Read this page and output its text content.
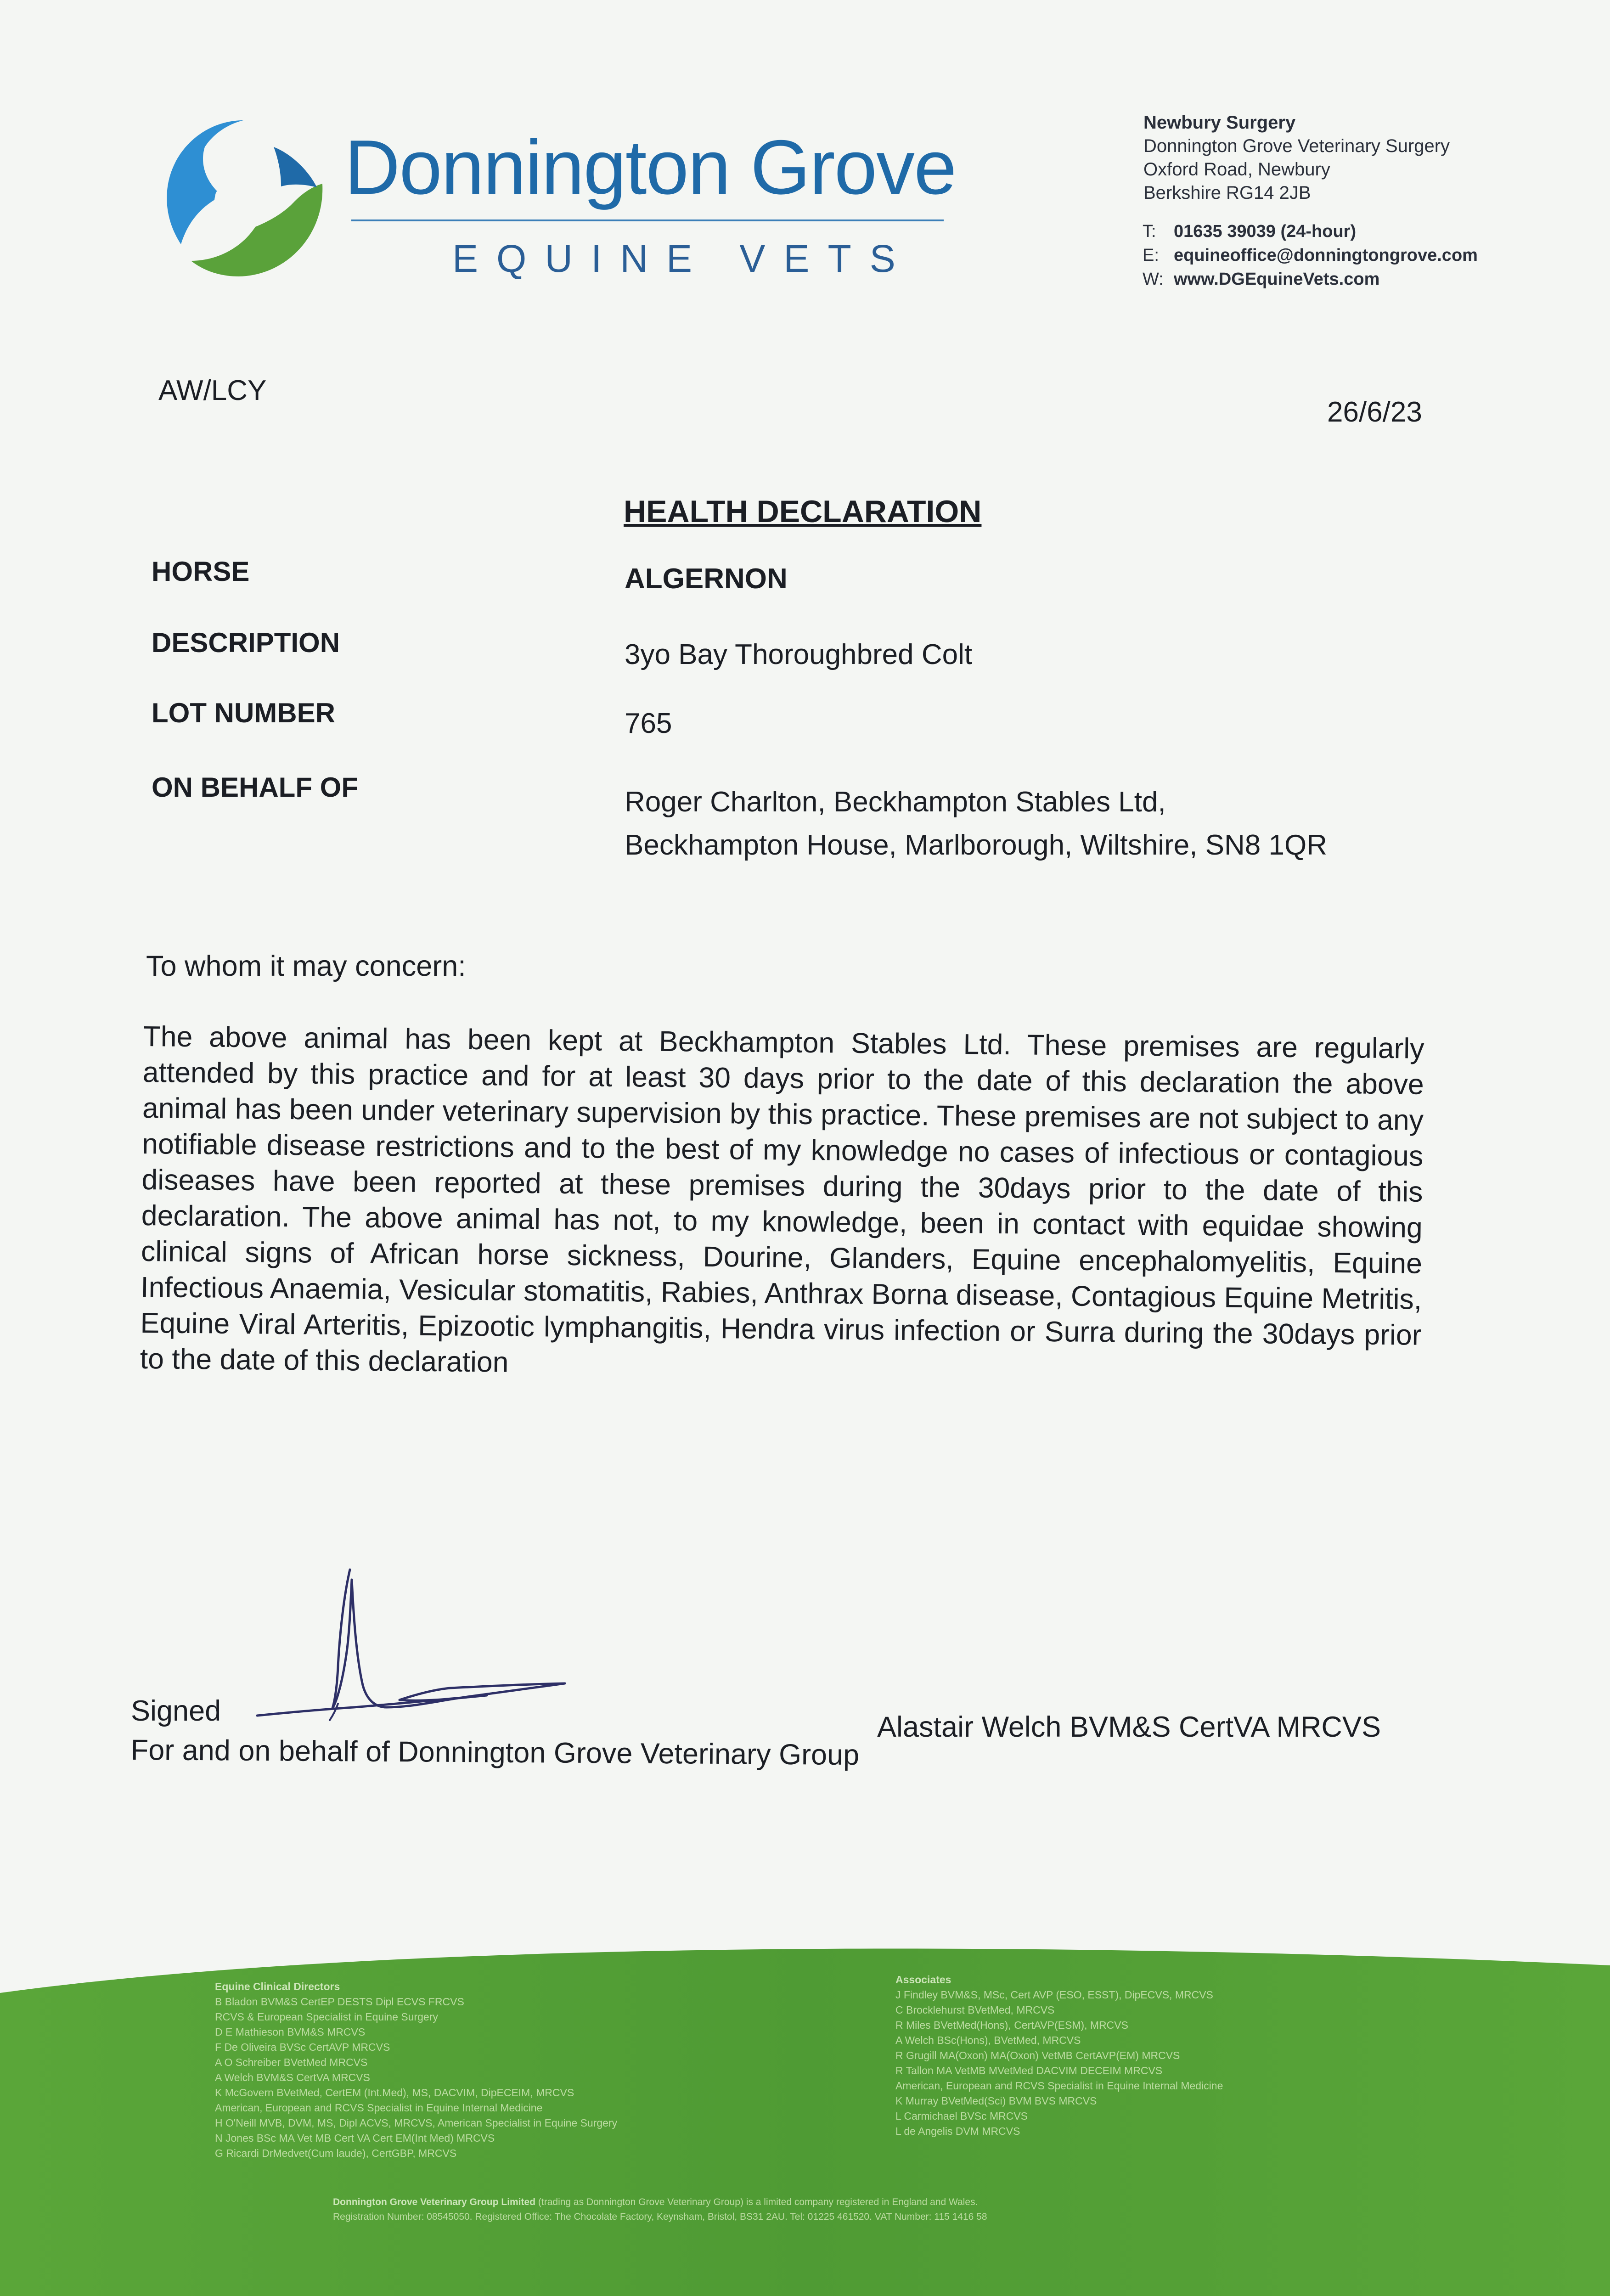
Donnington Grove
EQUINE VETS
Newbury Surgery
Donnington Grove Veterinary Surgery
Oxford Road, Newbury
Berkshire RG14 2JB
T: 01635 39039 (24-hour)
E: equineoffice@donningtongrove.com
W: www.DGEquineVets.com
AW/LCY
26/6/23
HEALTH DECLARATION
HORSE	ALGERNON
DESCRIPTION	3yo Bay Thoroughbred Colt
LOT NUMBER	765
ON BEHALF OF	Roger Charlton, Beckhampton Stables Ltd,
Beckhampton House, Marlborough, Wiltshire, SN8 1QR
To whom it may concern:
The above animal has been kept at Beckhampton Stables Ltd. These premises are regularly attended by this practice and for at least 30 days prior to the date of this declaration the above animal has been under veterinary supervision by this practice. These premises are not subject to any notifiable disease restrictions and to the best of my knowledge no cases of infectious or contagious diseases have been reported at these premises during the 30days prior to the date of this declaration. The above animal has not, to my knowledge, been in contact with equidae showing clinical signs of African horse sickness, Dourine, Glanders, Equine encephalomyelitis, Equine Infectious Anaemia, Vesicular stomatitis, Rabies, Anthrax Borna disease, Contagious Equine Metritis, Equine Viral Arteritis, Epizootic lymphangitis, Hendra virus infection or Surra during the 30days prior to the date of this declaration
Signed	Alastair Welch BVM&S CertVA MRCVS
For and on behalf of Donnington Grove Veterinary Group
Equine Clinical Directors
B Bladon BVM&S CertEP DESTS Dipl ECVS FRCVS
RCVS & European Specialist in Equine Surgery
D E Mathieson BVM&S MRCVS
F De Oliveira BVSc CertAVP MRCVS
A O Schreiber BVetMed MRCVS
A Welch BVM&S CertVA MRCVS
K McGovern BVetMed, CertEM (Int.Med), MS, DACVIM, DipECEIM, MRCVS
American, European and RCVS Specialist in Equine Internal Medicine
H O'Neill MVB, DVM, MS, Dipl ACVS, MRCVS, American Specialist in Equine Surgery
N Jones BSc MA Vet MB Cert VA Cert EM(Int Med) MRCVS
G Ricardi DrMedvet(Cum laude), CertGBP, MRCVS
Associates
J Findley BVM&S, MSc, Cert AVP (ESO, ESST), DipECVS, MRCVS
C Brocklehurst BVetMed, MRCVS
R Miles BVetMed(Hons), CertAVP(ESM), MRCVS
A Welch BSc(Hons), BVetMed, MRCVS
R Grugill MA(Oxon) MA(Oxon) VetMB CertAVP(EM) MRCVS
R Tallon MA VetMB MVetMed DACVIM DECEIM MRCVS
American, European and RCVS Specialist in Equine Internal Medicine
K Murray BVetMed(Sci) BVM BVS MRCVS
L Carmichael BVSc MRCVS
L de Angelis DVM MRCVS
Donnington Grove Veterinary Group Limited (trading as Donnington Grove Veterinary Group) is a limited company registered in England and Wales.
Registration Number: 08545050. Registered Office: The Chocolate Factory, Keynsham, Bristol, BS31 2AU. Tel: 01225 461520. VAT Number: 115 1416 58
